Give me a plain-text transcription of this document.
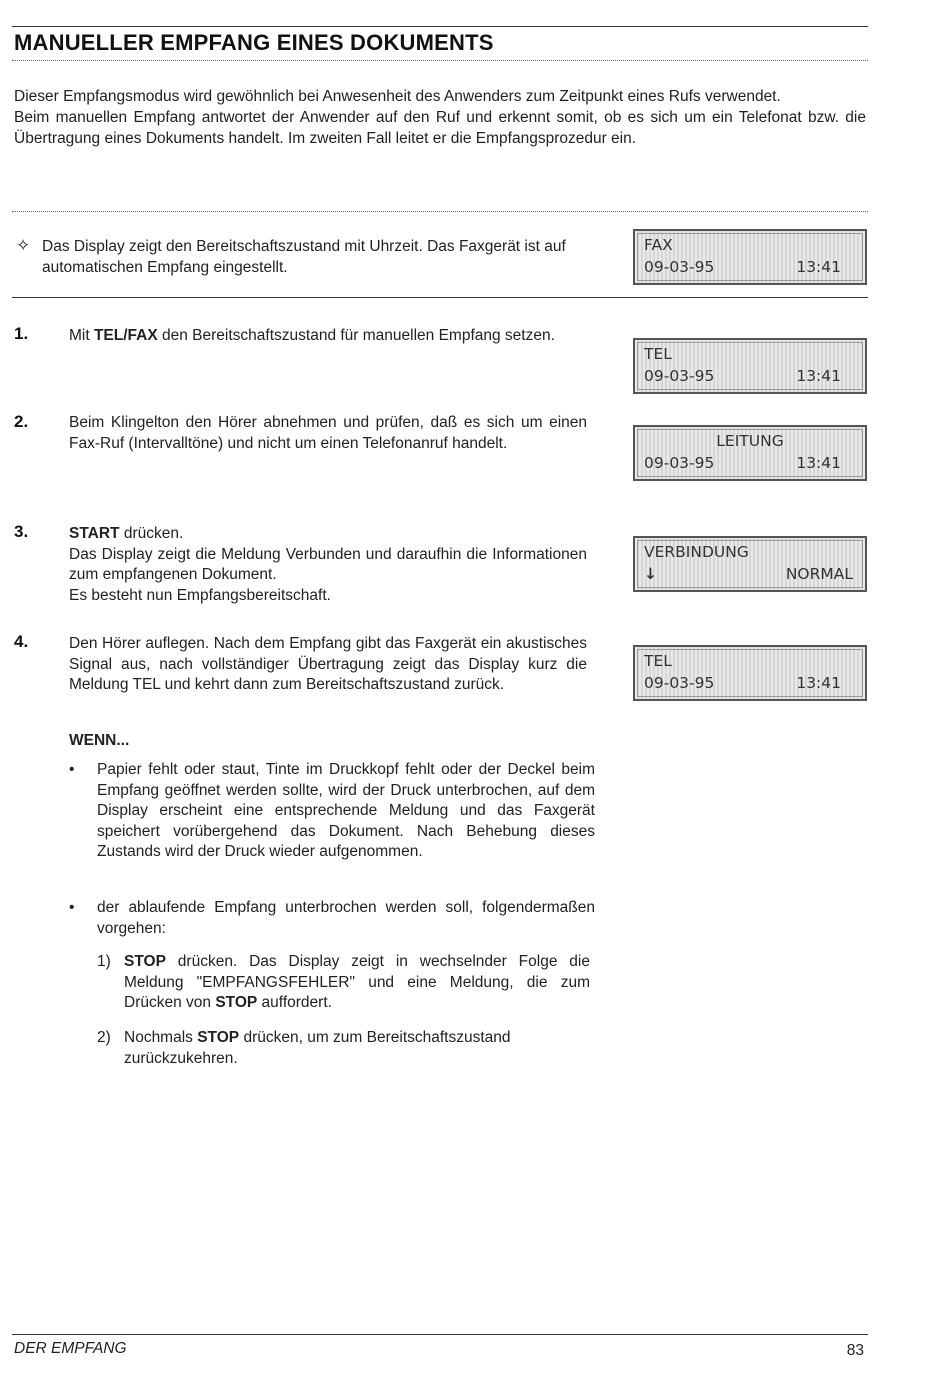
MANUELLER EMPFANG EINES DOKUMENTS

Dieser Empfangsmodus wird gewöhnlich bei Anwesenheit des Anwenders zum Zeitpunkt eines Rufs verwendet.

Beim manuellen Empfang antwortet der Anwender auf den Ruf und erkennt somit, ob es sich um ein Telefonat bzw. die Übertragung eines Dokuments handelt. Im zweiten Fall leitet er die Empfangsprozedur ein.

✧ Das Display zeigt den Bereitschaftszustand mit Uhrzeit. Das Faxgerät ist auf automatischen Empfang eingestellt.
FAX
09-03-95	13:41
1.	Mit TEL/FAX den Bereitschaftszustand für manuellen Empfang setzen.
TEL
09-03-95	13:41
2.	Beim Klingelton den Hörer abnehmen und prüfen, daß es sich um einen Fax-Ruf (Intervalltöne) und nicht um einen Telefonanruf handelt.	LEITUNG
09-03-95	13:41
3.	START drücken.
Das Display zeigt die Meldung Verbunden und daraufhin die Informationen zum empfangenen Dokument.
Es besteht nun Empfangsbereitschaft.
VERBINDUNG
↓	NORMAL
4.	Den Hörer auflegen. Nach dem Empfang gibt das Faxgerät ein akustisches Signal aus, nach vollständiger Übertragung zeigt das Display kurz die Meldung TEL und kehrt dann zum Bereitschaftszustand zurück.
TEL
09-03-95	13:41
WENN...
• Papier fehlt oder staut, Tinte im Druckkopf fehlt oder der Deckel beim Empfang geöffnet werden sollte, wird der Druck unterbrochen, auf dem Display erscheint eine entsprechende Meldung und das Faxgerät speichert vorübergehend das Dokument. Nach Behebung dieses Zustands wird der Druck wieder aufgenommen.
• der ablaufende Empfang unterbrochen werden soll, folgendermaßen vorgehen:
1) STOP drücken. Das Display zeigt in wechselnder Folge die Meldung "EMPFANGSFEHLER" und eine Meldung, die zum Drücken von STOP auffordert.
2) Nochmals STOP drücken, um zum Bereitschaftszustand zurückzukehren.
DER EMPFANG	83
